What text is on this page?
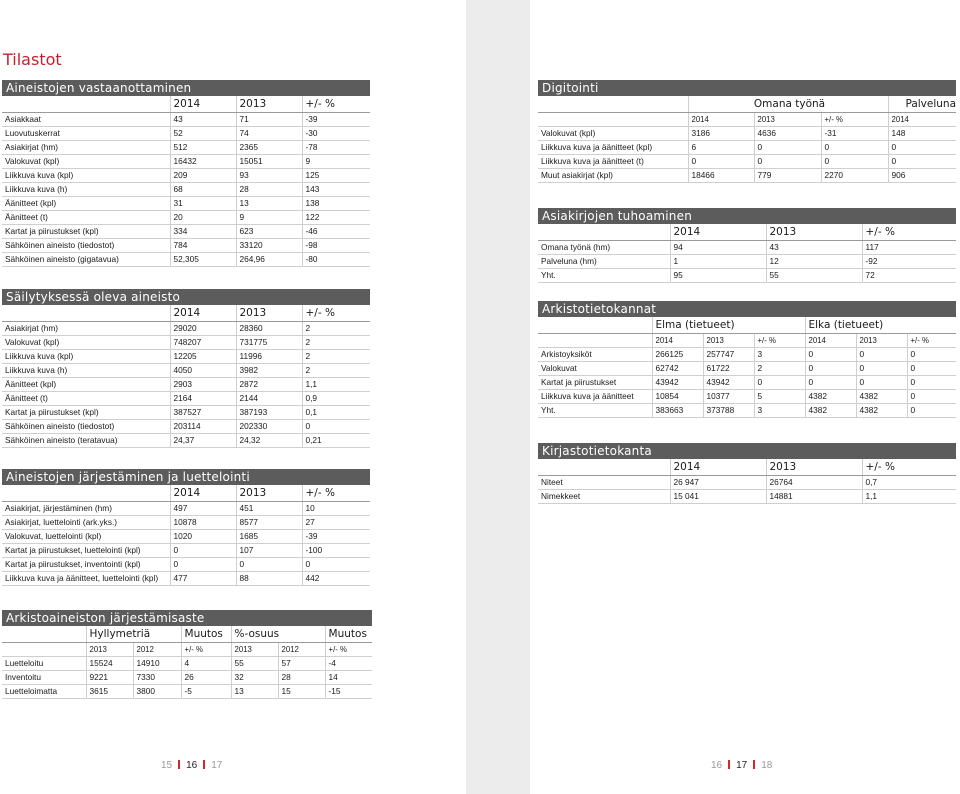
Tilastot
Aineistojen vastaanottaminen
	2014	2013	+/- %
Asiakkaat	43	71	-39
Luovutuskerrat	52	74	-30
Asiakirjat (hm)	512	2365	-78
Valokuvat (kpl)	16432	15051	9
Liikkuva kuva (kpl)	209	93	125
Liikkuva kuva (h)	68	28	143
Äänitteet (kpl)	31	13	138
Äänitteet (t)	20	9	122
Kartat ja piirustukset (kpl)	334	623	-46
Sähköinen aineisto (tiedostot)	784	33120	-98
Sähköinen aineisto (gigatavua)	52,305	264,96	-80
Säilytyksessä oleva aineisto
	2014	2013	+/- %
Asiakirjat (hm)	29020	28360	2
Valokuvat (kpl)	748207	731775	2
Liikkuva kuva (kpl)	12205	11996	2
Liikkuva kuva (h)	4050	3982	2
Äänitteet (kpl)	2903	2872	1,1
Äänitteet (t)	2164	2144	0,9
Kartat ja piirustukset (kpl)	387527	387193	0,1
Sähköinen aineisto (tiedostot)	203114	202330	0
Sähköinen aineisto (teratavua)	24,37	24,32	0,21
Aineistojen järjestäminen ja luettelointi
	2014	2013	+/- %
Asiakirjat, järjestäminen (hm)	497	451	10
Asiakirjat, luettelointi (ark.yks.)	10878	8577	27
Valokuvat, luettelointi (kpl)	1020	1685	-39
Kartat ja piirustukset, luettelointi (kpl)	0	107	-100
Kartat ja piirustukset, inventointi (kpl)	0	0	0
Liikkuva kuva ja äänitteet, luettelointi (kpl)	477	88	442
Arkistoaineiston järjestämisaste
	Hyllymetriä		Muutos	%-osuus		Muutos
	2013	2012	+/- %	2013	2012	+/- %
Luetteloitu	15524	14910	4	55	57	-4
Inventoitu	9221	7330	26	32	28	14
Luetteloimatta	3615	3800	-5	13	15	-15
Digitointi
	Omana työnä			Palveluna
	2014	2013	+/- %	2014
Valokuvat (kpl)	3186	4636	-31	148
Liikkuva kuva ja äänitteet (kpl)	6	0	0	0
Liikkuva kuva ja äänitteet (t)	0	0	0	0
Muut asiakirjat (kpl)	18466	779	2270	906
Asiakirjojen tuhoaminen
	2014	2013	+/- %
Omana työnä (hm)	94	43	117
Palveluna (hm)	1	12	-92
Yht.	95	55	72
Arkistotietokannat
	Elma (tietueet)			Elka (tietueet)		
	2014	2013	+/- %	2014	2013	+/- %
Arkistoyksiköt	266125	257747	3	0	0	0
Valokuvat	62742	61722	2	0	0	0
Kartat ja piirustukset	43942	43942	0	0	0	0
Liikkuva kuva ja äänitteet	10854	10377	5	4382	4382	0
Yht.	383663	373788	3	4382	4382	0
Kirjastotietokanta
	2014	2013	+/- %
Niteet	26 947	26764	0,7
Nimekkeet	15 041	14881	1,1
15 16 17	16 17 18
